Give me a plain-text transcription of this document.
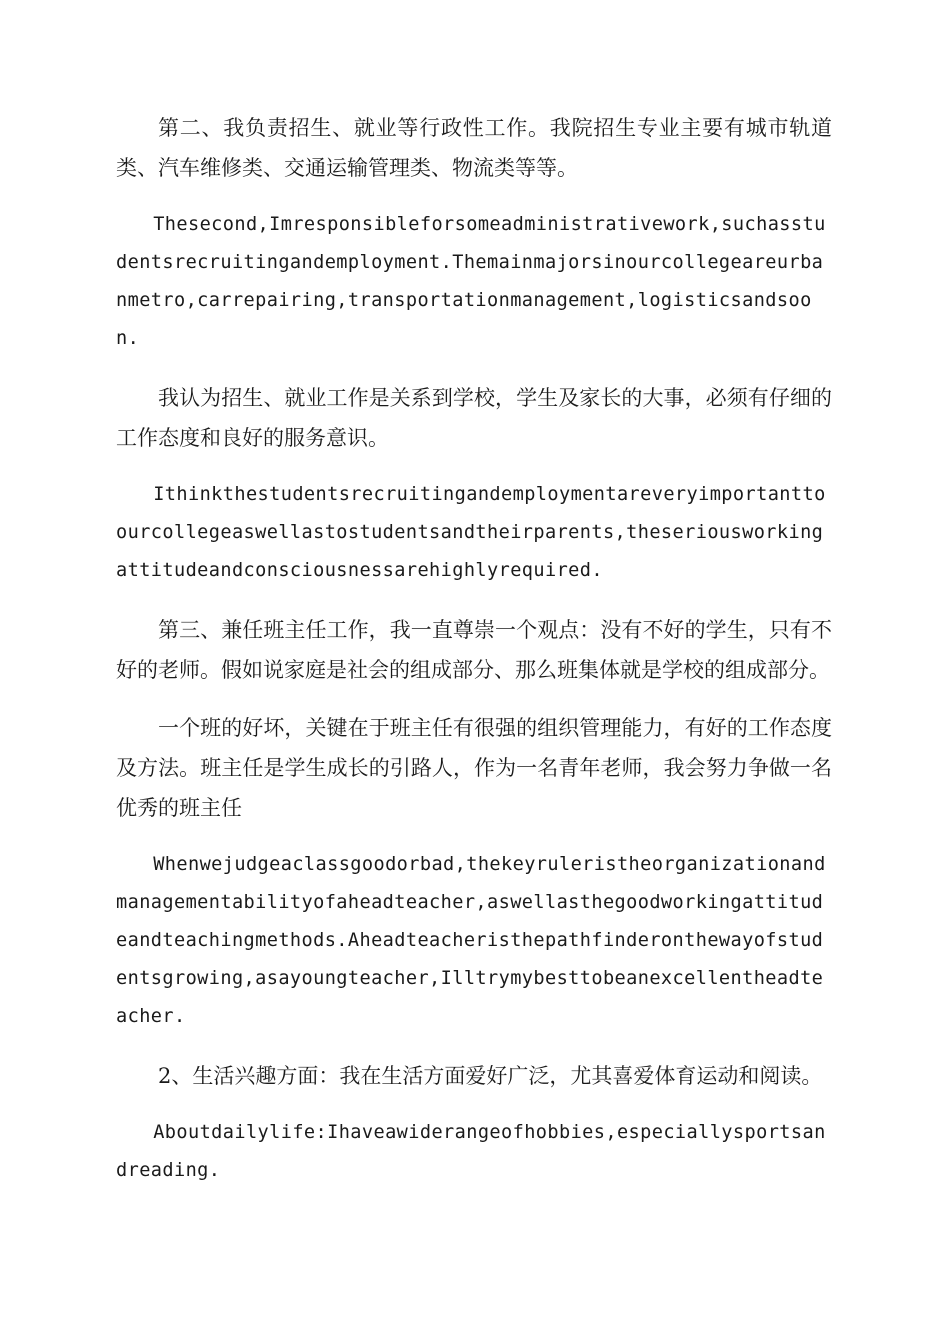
第二、我负责招生、就业等行政性工作。我院招生专业主要有城市轨道类、汽车维修类、交通运输管理类、物流类等等。

Thesecond,Imresponsibleforsomeadministrativework,suchasstudentsrecruitingandemployment.Themainmajorsinourcollegeareurbanmetro,carrepairing,transportationmanagement,logisticsandsoon.

我认为招生、就业工作是关系到学校，学生及家长的大事，必须有仔细的工作态度和良好的服务意识。

Ithinkthestudentsrecruitingandemploymentareveryimportanttoourcollegeaswellastostudentsandtheirparents,theseriousworkingattitudeandconsciousnessarehighlyrequired.

第三、兼任班主任工作，我一直尊崇一个观点：没有不好的学生，只有不好的老师。假如说家庭是社会的组成部分、那么班集体就是学校的组成部分。

一个班的好坏，关键在于班主任有很强的组织管理能力，有好的工作态度及方法。班主任是学生成长的引路人，作为一名青年老师，我会努力争做一名优秀的班主任

Whenwejudgeaclassgoodorbad,thekeyruleristheorganizationandmanagementabilityofaheadteacher,aswellasthegoodworkingattitudeandteachingmethods.Aheadteacheristhepathfinderonthewayofstudentsgrowing,asayoungteacher,Illtrymybesttobeanexcellentheadteacher.

2、生活兴趣方面：我在生活方面爱好广泛，尤其喜爱体育运动和阅读。

Aboutdailylife:Ihaveawiderangeofhobbies,especiallysportsandreading.
